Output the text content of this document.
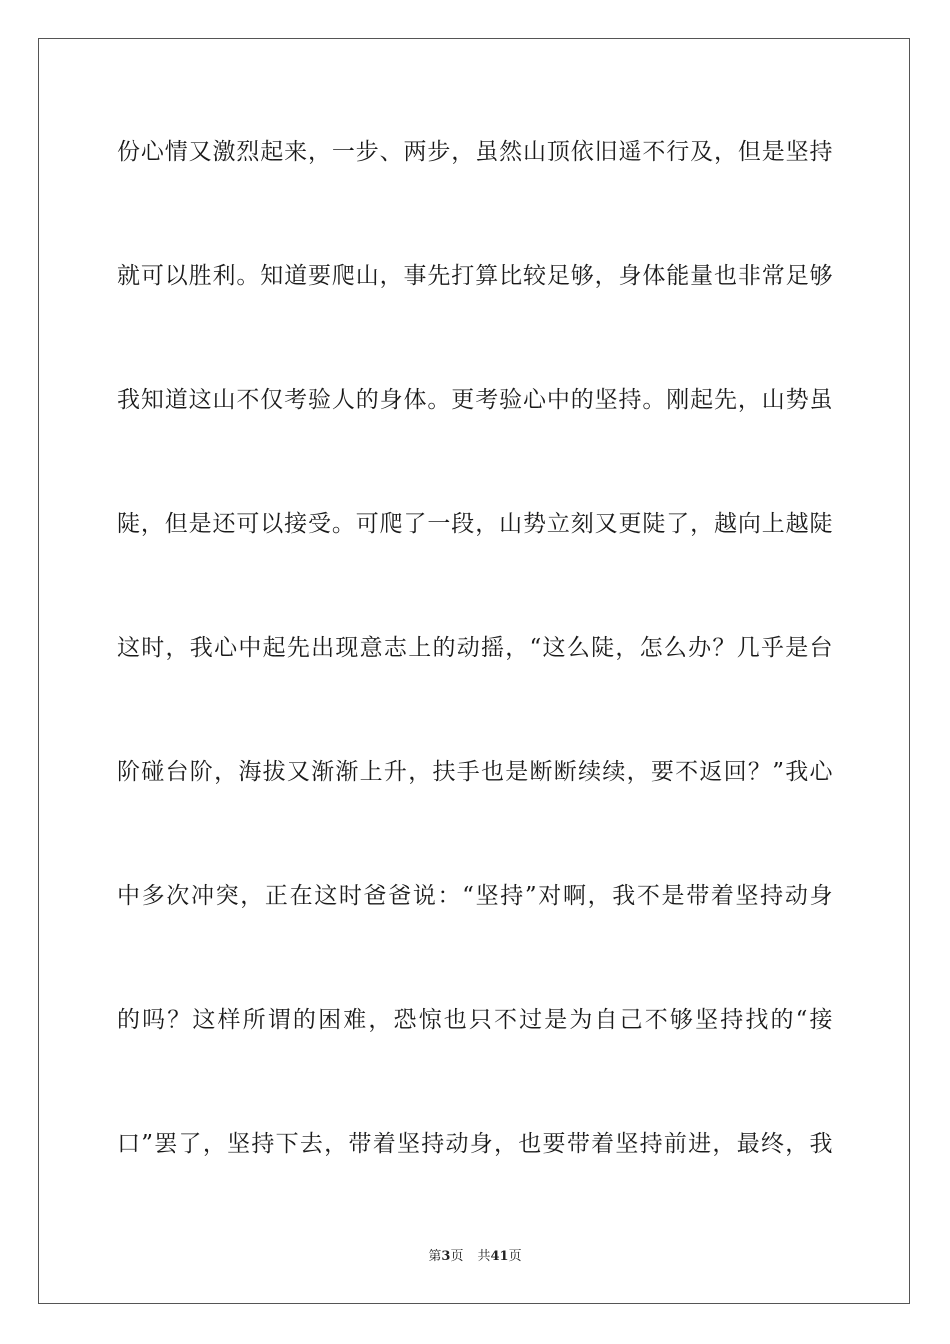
份心情又激烈起来，一步、两步，虽然山顶依旧遥不行及，但是坚持
就可以胜利。知道要爬山，事先打算比较足够，身体能量也非常足够
我知道这山不仅考验人的身体。更考验心中的坚持。刚起先，山势虽
陡，但是还可以接受。可爬了一段，山势立刻又更陡了，越向上越陡
这时，我心中起先出现意志上的动摇，“这么陡，怎么办？几乎是台
阶碰台阶，海拔又渐渐上升，扶手也是断断续续，要不返回？”我心
中多次冲突，正在这时爸爸说：“坚持”对啊，我不是带着坚持动身
的吗？这样所谓的困难，恐惊也只不过是为自己不够坚持找的“接
口”罢了，坚持下去，带着坚持动身，也要带着坚持前进，最终，我
第3页 共41页
